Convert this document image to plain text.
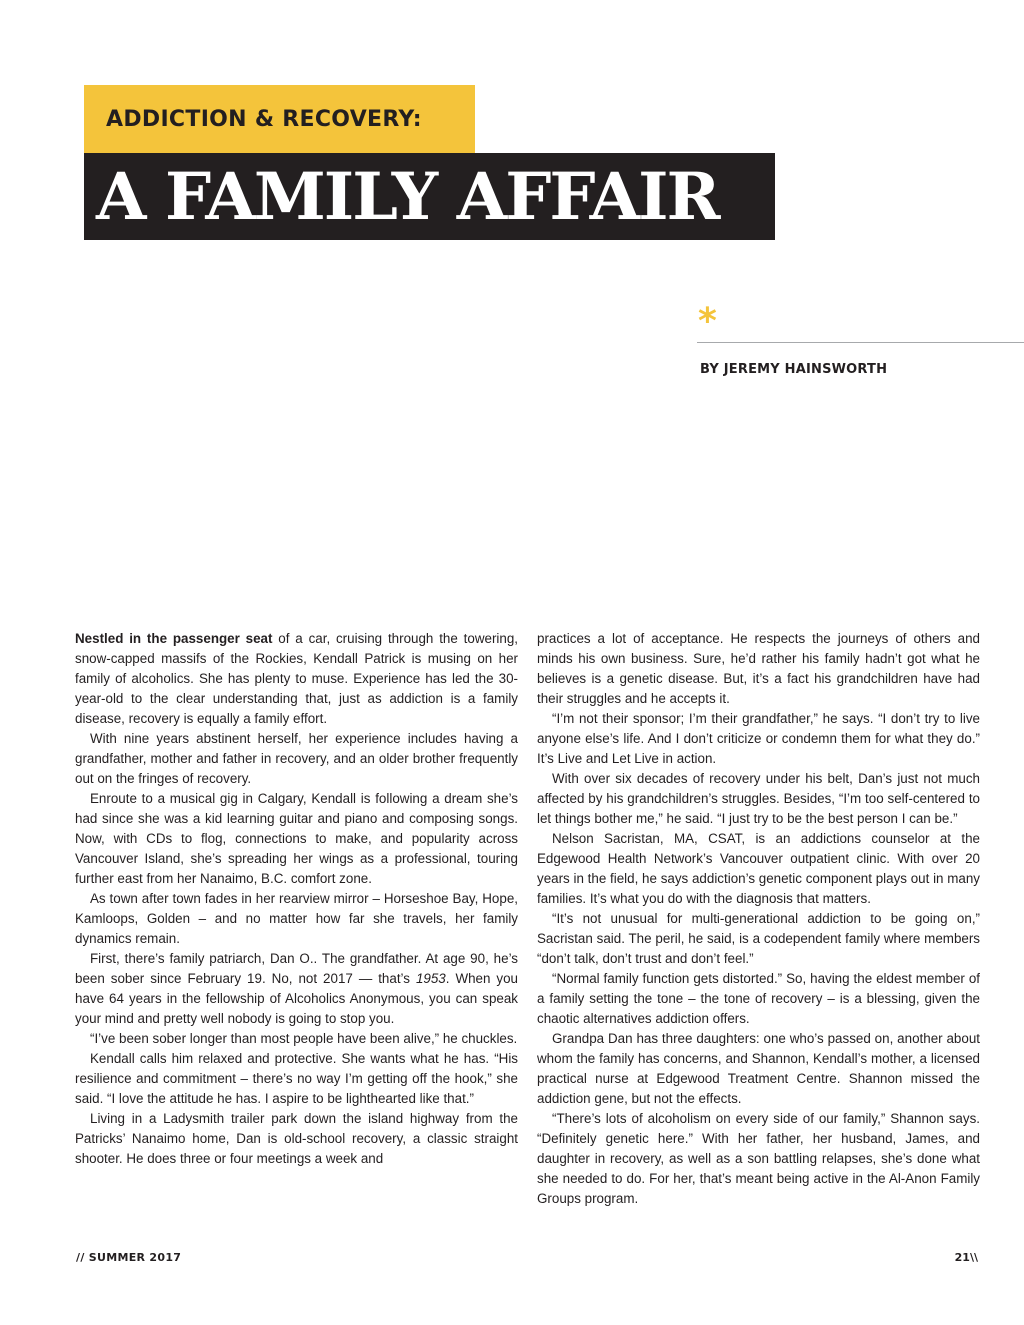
ADDICTION & RECOVERY:
A FAMILY AFFAIR
*
BY JEREMY HAINSWORTH

Nestled in the passenger seat of a car, cruising through the towering, snow-capped massifs of the Rockies, Kendall Patrick is musing on her family of alcoholics. She has plenty to muse. Experience has led the 30-year-old to the clear understanding that, just as addiction is a family disease, recovery is equally a family effort.

With nine years abstinent herself, her experience includes having a grandfather, mother and father in recovery, and an older brother frequently out on the fringes of recovery.

Enroute to a musical gig in Calgary, Kendall is following a dream she’s had since she was a kid learning guitar and piano and composing songs. Now, with CDs to flog, connections to make, and popularity across Vancouver Island, she’s spreading her wings as a professional, touring further east from her Nanaimo, B.C. comfort zone.

As town after town fades in her rearview mirror – Horseshoe Bay, Hope, Kamloops, Golden – and no matter how far she travels, her family dynamics remain.

First, there’s family patriarch, Dan O.. The grandfather. At age 90, he’s been sober since February 19. No, not 2017 — that’s 1953. When you have 64 years in the fellowship of Alcoholics Anonymous, you can speak your mind and pretty well nobody is going to stop you.

“I’ve been sober longer than most people have been alive,” he chuckles.

Kendall calls him relaxed and protective. She wants what he has. “His resilience and commitment – there’s no way I’m getting off the hook,” she said. “I love the attitude he has. I aspire to be lighthearted like that.”

Living in a Ladysmith trailer park down the island highway from the Patricks’ Nanaimo home, Dan is old-school recovery, a classic straight shooter. He does three or four meetings a week and

practices a lot of acceptance. He respects the journeys of others and minds his own business. Sure, he’d rather his family hadn’t got what he believes is a genetic disease. But, it’s a fact his grandchildren have had their struggles and he accepts it.

“I’m not their sponsor; I’m their grandfather,” he says. “I don’t try to live anyone else’s life. And I don’t criticize or condemn them for what they do.” It’s Live and Let Live in action.

With over six decades of recovery under his belt, Dan’s just not much affected by his grandchildren’s struggles. Besides, “I’m too self-centered to let things bother me,” he said. “I just try to be the best person I can be.”

Nelson Sacristan, MA, CSAT, is an addictions counselor at the Edgewood Health Network’s Vancouver outpatient clinic. With over 20 years in the field, he says addiction’s genetic component plays out in many families. It’s what you do with the diagnosis that matters.

“It’s not unusual for multi-generational addiction to be going on,” Sacristan said. The peril, he said, is a codependent family where members “don’t talk, don’t trust and don’t feel.”

“Normal family function gets distorted.” So, having the eldest member of a family setting the tone – the tone of recovery – is a blessing, given the chaotic alternatives addiction offers.

Grandpa Dan has three daughters: one who’s passed on, another about whom the family has concerns, and Shannon, Kendall’s mother, a licensed practical nurse at Edgewood Treatment Centre. Shannon missed the addiction gene, but not the effects.

“There’s lots of alcoholism on every side of our family,” Shannon says. “Definitely genetic here.” With her father, her husband, James, and daughter in recovery, as well as a son battling relapses, she’s done what she needed to do. For her, that’s meant being active in the Al-Anon Family Groups program.

// SUMMER 2017	21\\
